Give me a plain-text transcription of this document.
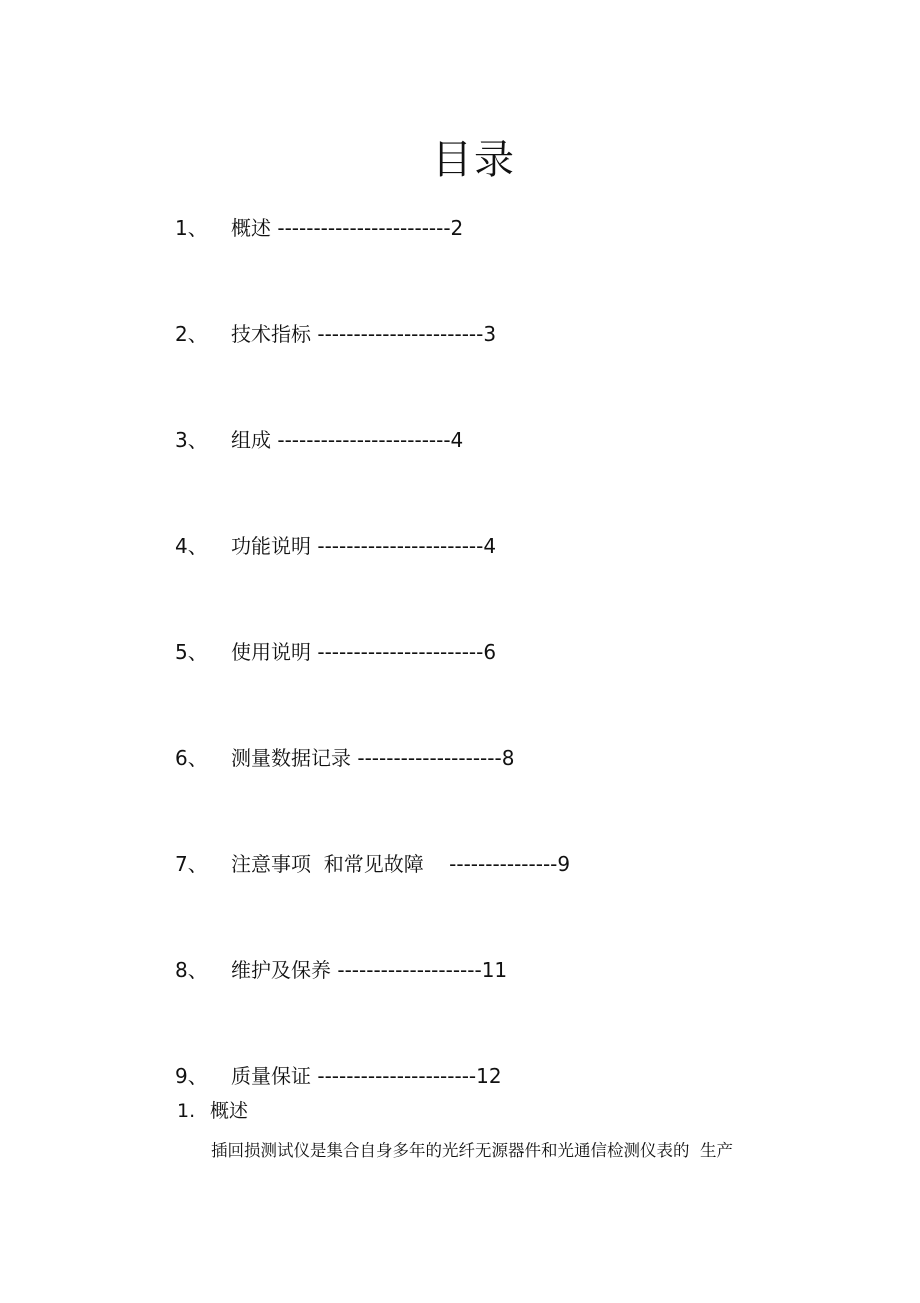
目录
1、 概述 ------------------------2
2、 技术指标 -----------------------3
3、 组成 ------------------------4
4、 功能说明 -----------------------4
5、 使用说明 -----------------------6
6、 测量数据记录 --------------------8
7、 注意事项  和常见故障    ---------------9
8、 维护及保养 --------------------11
9、 质量保证 ----------------------12
1. 概述
插回损测试仪是集合自身多年的光纤无源器件和光通信检测仪表的  生产
